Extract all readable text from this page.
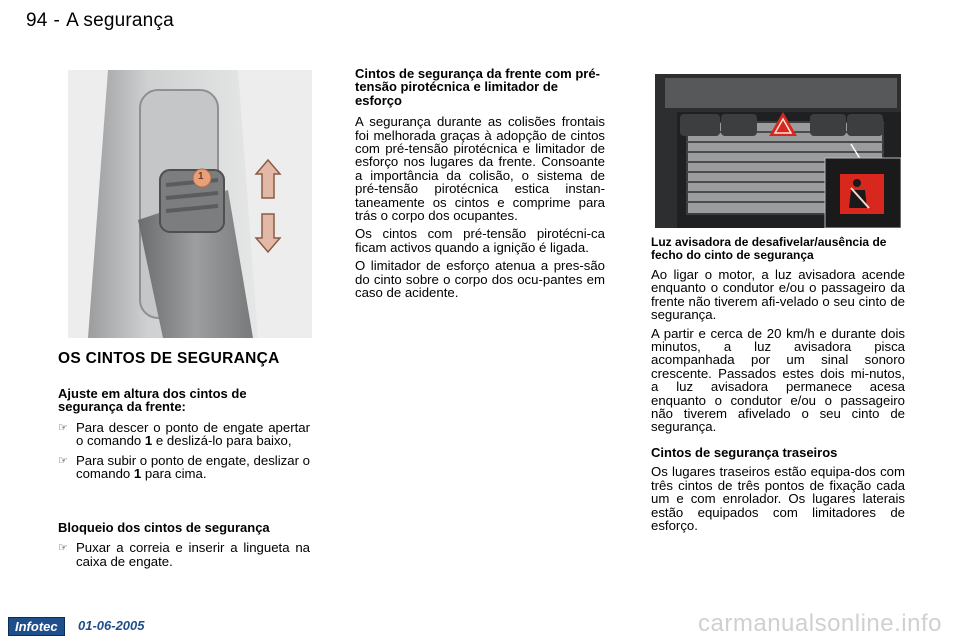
94 - A segurança
1
OS CINTOS DE SEGURANÇA
Ajuste em altura dos cintos de segurança da frente:
☞ Para descer o ponto de engate apertar o comando 1 e deslizá-lo para baixo,
☞ Para subir o ponto de engate, deslizar o comando 1 para cima.
Bloqueio dos cintos de segurança
☞ Puxar a correia e inserir a lingueta na caixa de engate.
Cintos de segurança da frente com pré-tensão pirotécnica e limitador de esforço

A segurança durante as colisões frontais foi melhorada graças à adopção de cintos com pré-tensão pirotécnica e limitador de esforço nos lugares da frente. Consoante a importância da colisão, o sistema de pré-tensão pirotécnica estica instan-taneamente os cintos e comprime para trás o corpo dos ocupantes.

Os cintos com pré-tensão pirotécni-ca ficam activos quando a ignição é ligada.

O limitador de esforço atenua a pres-são do cinto sobre o corpo dos ocu-pantes em caso de acidente.

Luz avisadora de desafivelar/ausência de fecho do cinto de segurança

Ao ligar o motor, a luz avisadora acende enquanto o condutor e/ou o passageiro da frente não tiverem afi-velado o seu cinto de segurança.

A partir e cerca de 20 km/h e durante dois minutos, a luz avisadora pisca acompanhada por um sinal sonoro crescente. Passados estes dois mi-nutos, a luz avisadora permanece acesa enquanto o condutor e/ou o passageiro não tiverem afivelado o seu cinto de segurança.

Cintos de segurança traseiros

Os lugares traseiros estão equipa-dos com três cintos de três pontos de fixação cada um e com enrolador. Os lugares laterais estão equipados com limitadores de esforço.

Infotec	01-06-2005	carmanualsonline.info
